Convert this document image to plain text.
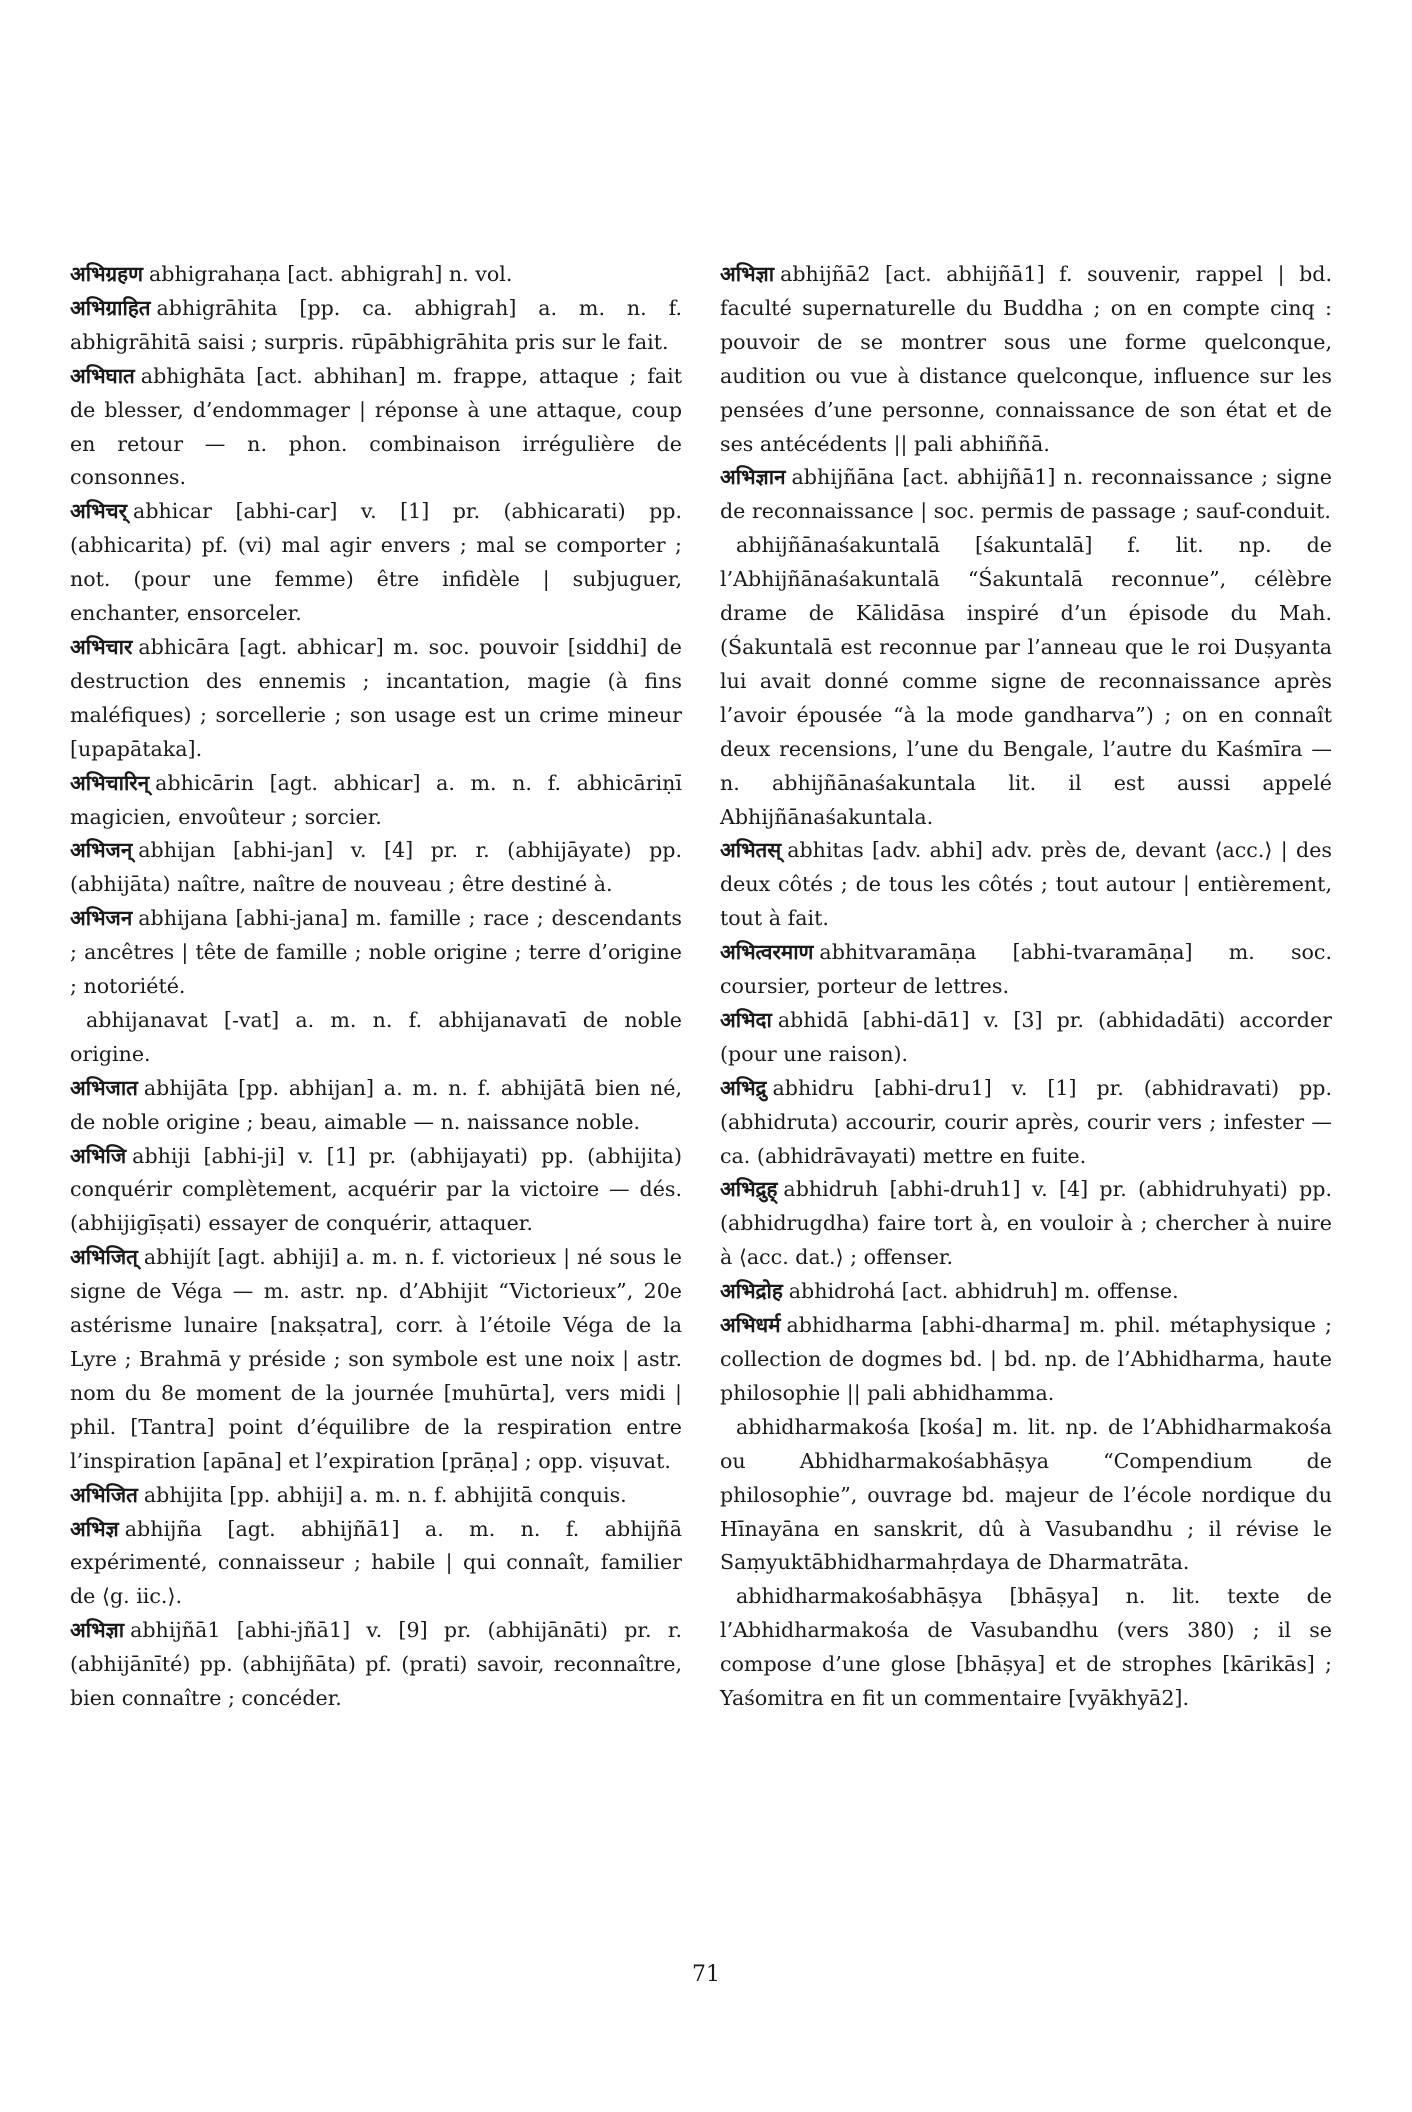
अभिग्रहण abhigrahaṇa [act. abhigrah] n. vol.
अभिग्राहित abhigrāhita [pp. ca. abhigrah] a. m. n. f. abhigrāhitā saisi ; surpris. rūpābhigrāhita pris sur le fait.
अभिघात abhighāta [act. abhihan] m. frappe, attaque ; fait de blesser, d’endommager | réponse à une attaque, coup en retour — n. phon. combinaison irrégulière de consonnes.
अभिचर् abhicar [abhi-car] v. [1] pr. (abhicarati) pp. (abhicarita) pf. (vi) mal agir envers ; mal se comporter ; not. (pour une femme) être infidèle | subjuguer, enchanter, ensorceler.
अभिचार abhicāra [agt. abhicar] m. soc. pouvoir [siddhi] de destruction des ennemis ; incantation, magie (à fins maléfiques) ; sorcellerie ; son usage est un crime mineur [upapātaka].
अभिचारिन् abhicārin [agt. abhicar] a. m. n. f. abhicāriṇī magicien, envoûteur ; sorcier.
अभिजन् abhijan [abhi-jan] v. [4] pr. r. (abhijāyate) pp. (abhijāta) naître, naître de nouveau ; être destiné à.
अभिजन abhijana [abhi-jana] m. famille ; race ; descendants ; ancêtres | tête de famille ; noble origine ; terre d’origine ; notoriété.
abhijanavat [-vat] a. m. n. f. abhijanavatī de noble origine.
अभिजात abhijāta [pp. abhijan] a. m. n. f. abhijātā bien né, de noble origine ; beau, aimable — n. naissance noble.
अभिजि abhiji [abhi-ji] v. [1] pr. (abhijayati) pp. (abhijita) conquérir complètement, acquérir par la victoire — dés. (abhijigīṣati) essayer de conquérir, attaquer.
अभिजित् abhijít [agt. abhiji] a. m. n. f. victorieux | né sous le signe de Véga — m. astr. np. d’Abhijit “Victorieux”, 20e astérisme lunaire [nakṣatra], corr. à l’étoile Véga de la Lyre ; Brahmā y préside ; son symbole est une noix | astr. nom du 8e moment de la journée [muhūrta], vers midi | phil. [Tantra] point d’équilibre de la respiration entre l’inspiration [apāna] et l’expiration [prāṇa] ; opp. viṣuvat.
अभिजित abhijita [pp. abhiji] a. m. n. f. abhijitā conquis.
अभिज्ञ abhijña [agt. abhijñā1] a. m. n. f. abhijñā expérimenté, connaisseur ; habile | qui connaît, familier de ⟨g. iic.⟩.
अभिज्ञा abhijñā1 [abhi-jñā1] v. [9] pr. (abhijānāti) pr. r. (abhijānīté) pp. (abhijñāta) pf. (prati) savoir, reconnaître, bien connaître ; concéder.
अभिज्ञा abhijñā2 [act. abhijñā1] f. souvenir, rappel | bd. faculté supernaturelle du Buddha ; on en compte cinq : pouvoir de se montrer sous une forme quelconque, audition ou vue à distance quelconque, influence sur les pensées d’une personne, connaissance de son état et de ses antécédents || pali abhiññā.
अभिज्ञान abhijñāna [act. abhijñā1] n. reconnaissance ; signe de reconnaissance | soc. permis de passage ; sauf-conduit.
abhijñānaśakuntalā [śakuntalā] f. lit. np. de l’Abhijñānaśakuntalā “Śakuntalā reconnue”, célèbre drame de Kālidāsa inspiré d’un épisode du Mah. (Śakuntalā est reconnue par l’anneau que le roi Duṣyanta lui avait donné comme signe de reconnaissance après l’avoir épousée “à la mode gandharva”) ; on en connaît deux recensions, l’une du Bengale, l’autre du Kaśmīra — n. abhijñānaśakuntala lit. il est aussi appelé Abhijñānaśakuntala.
अभितस् abhitas [adv. abhi] adv. près de, devant ⟨acc.⟩ | des deux côtés ; de tous les côtés ; tout autour | entièrement, tout à fait.
अभित्वरमाण abhitvaramāṇa [abhi-tvaramāṇa] m. soc. coursier, porteur de lettres.
अभिदा abhidā [abhi-dā1] v. [3] pr. (abhidadāti) accorder (pour une raison).
अभिद्रु abhidru [abhi-dru1] v. [1] pr. (abhidravati) pp. (abhidruta) accourir, courir après, courir vers ; infester — ca. (abhidrāvayati) mettre en fuite.
अभिद्रुह् abhidruh [abhi-druh1] v. [4] pr. (abhidruhyati) pp. (abhidrugdha) faire tort à, en vouloir à ; chercher à nuire à ⟨acc. dat.⟩ ; offenser.
अभिद्रोह abhidrohá [act. abhidruh] m. offense.
अभिधर्म abhidharma [abhi-dharma] m. phil. métaphysique ; collection de dogmes bd. | bd. np. de l’Abhidharma, haute philosophie || pali abhidhamma.
abhidharmakośa [kośa] m. lit. np. de l’Abhidharmakośa ou Abhidharmakośabhāṣya “Compendium de philosophie”, ouvrage bd. majeur de l’école nordique du Hīnayāna en sanskrit, dû à Vasubandhu ; il révise le Saṃyuktābhidharmahṛdaya de Dharmatrāta.
abhidharmakośabhāṣya [bhāṣya] n. lit. texte de l’Abhidharmakośa de Vasubandhu (vers 380) ; il se compose d’une glose [bhāṣya] et de strophes [kārikās] ; Yaśomitra en fit un commentaire [vyākhyā2].
71
